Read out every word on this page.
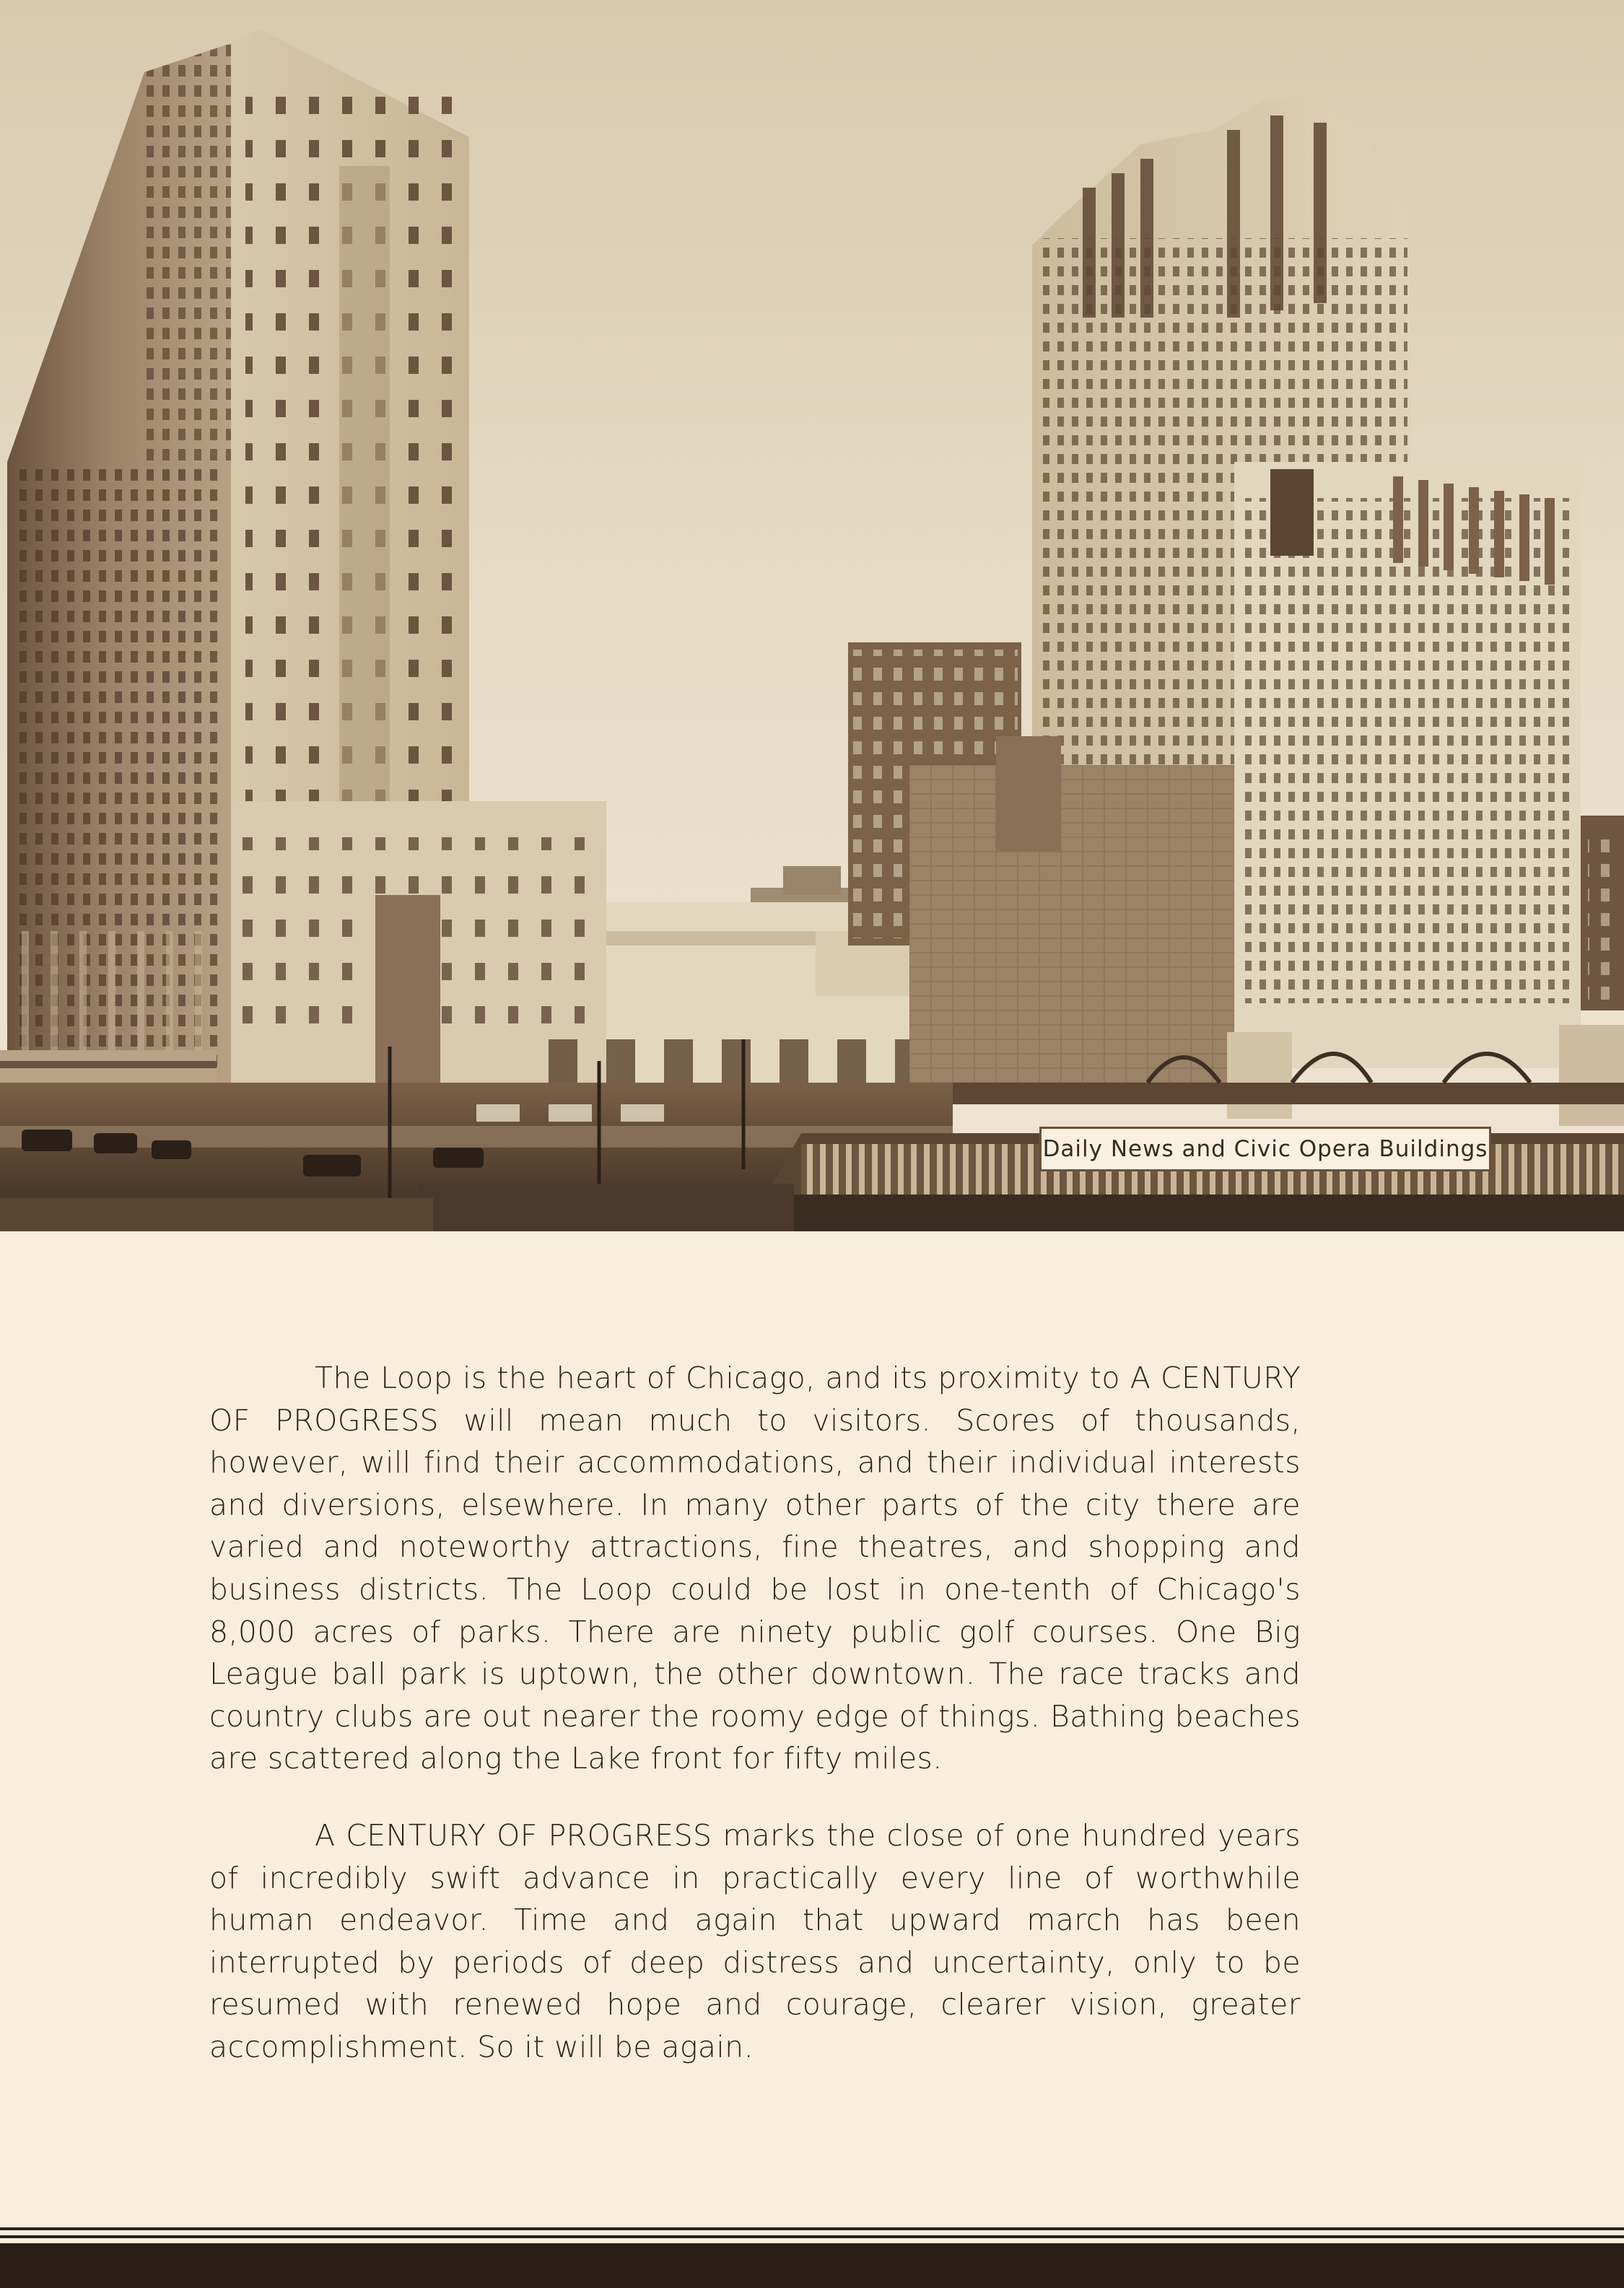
Daily News and Civic Opera Buildings

The Loop is the heart of Chicago, and its proximity to A CENTURY OF PROGRESS will mean much to visitors. Scores of thousands, however, will find their accommodations, and their individual interests and diversions, elsewhere. In many other parts of the city there are varied and noteworthy attractions, fine theatres, and shopping and business districts. The Loop could be lost in one-tenth of Chicago's 8,000 acres of parks. There are ninety public golf courses. One Big League ball park is uptown, the other downtown. The race tracks and country clubs are out nearer the roomy edge of things. Bathing beaches are scattered along the Lake front for fifty miles.

A CENTURY OF PROGRESS marks the close of one hundred years of incredibly swift advance in practically every line of worthwhile human endeavor. Time and again that upward march has been interrupted by periods of deep distress and uncertainty, only to be resumed with renewed hope and courage, clearer vision, greater accomplishment. So it will be again.
